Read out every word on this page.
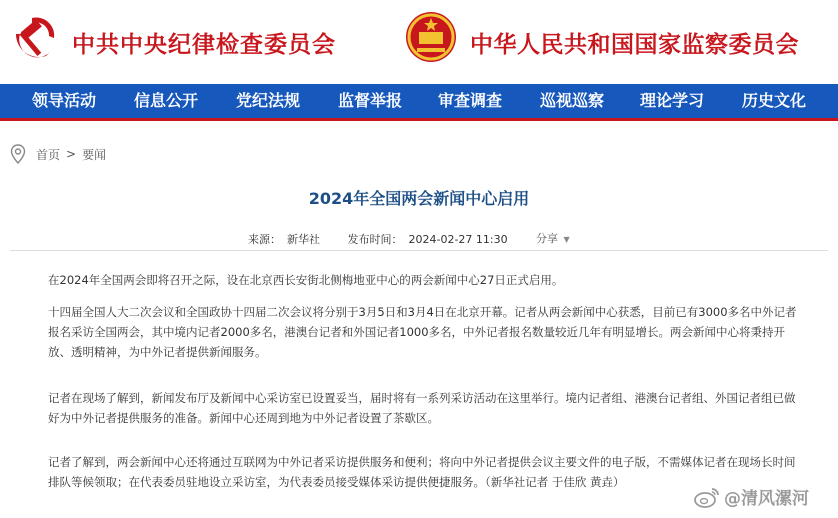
中共中央纪律检查委员会	中华人民共和国国家监察委员会
领导活动 信息公开 党纪法规 监督举报 审查调查 巡视巡察 理论学习 历史文化
首页 > 要闻
2024年全国两会新闻中心启用
来源： 新华社	发布时间： 2024-02-27 11:30	分享 ▼
在2024年全国两会即将召开之际，设在北京西长安街北侧梅地亚中心的两会新闻中心27日正式启用。
十四届全国人大二次会议和全国政协十四届二次会议将分别于3月5日和3月4日在北京开幕。记者从两会新闻中心获悉，目前已有3000多名中外记者报名采访全国两会，其中境内记者2000多名，港澳台记者和外国记者1000多名，中外记者报名数量较近几年有明显增长。两会新闻中心将秉持开放、透明精神，为中外记者提供新闻服务。
记者在现场了解到，新闻发布厅及新闻中心采访室已设置妥当，届时将有一系列采访活动在这里举行。境内记者组、港澳台记者组、外国记者组已做好为中外记者提供服务的准备。新闻中心还周到地为中外记者设置了茶歇区。
记者了解到，两会新闻中心还将通过互联网为中外记者采访提供服务和便利；将向中外记者提供会议主要文件的电子版，不需媒体记者在现场长时间排队等候领取；在代表委员驻地设立采访室，为代表委员接受媒体采访提供便捷服务。（新华社记者 于佳欣 黄垚）
@清风漯河
